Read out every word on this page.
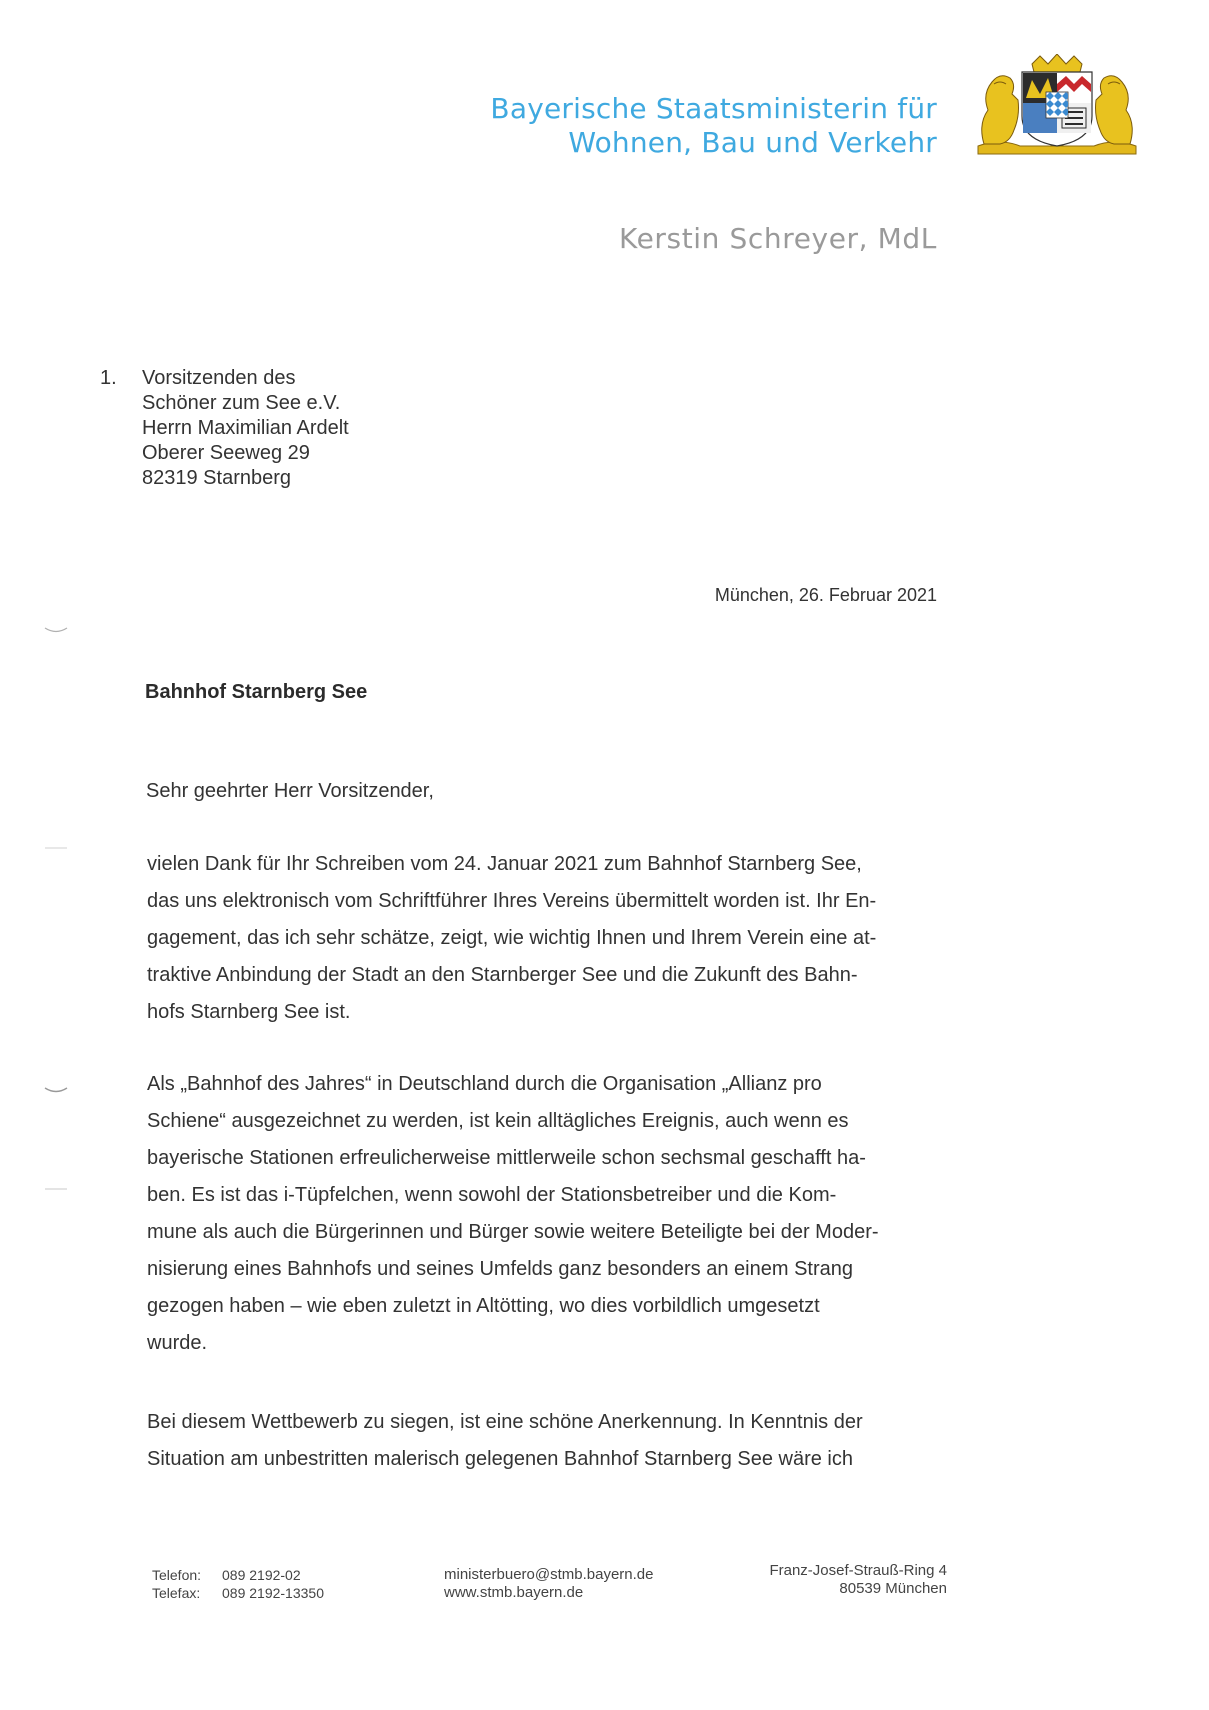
Bayerische Staatsministerin für
Wohnen, Bau und Verkehr
Kerstin Schreyer, MdL
1. Vorsitzenden des
Schöner zum See e.V.
Herrn Maximilian Ardelt
Oberer Seeweg 29
82319 Starnberg
München, 26. Februar 2021
Bahnhof Starnberg See
Sehr geehrter Herr Vorsitzender,
vielen Dank für Ihr Schreiben vom 24. Januar 2021 zum Bahnhof Starnberg See,
das uns elektronisch vom Schriftführer Ihres Vereins übermittelt worden ist. Ihr En-
gagement, das ich sehr schätze, zeigt, wie wichtig Ihnen und Ihrem Verein eine at-
traktive Anbindung der Stadt an den Starnberger See und die Zukunft des Bahn-
hofs Starnberg See ist.
Als „Bahnhof des Jahres“ in Deutschland durch die Organisation „Allianz pro
Schiene“ ausgezeichnet zu werden, ist kein alltägliches Ereignis, auch wenn es
bayerische Stationen erfreulicherweise mittlerweile schon sechsmal geschafft ha-
ben. Es ist das i-Tüpfelchen, wenn sowohl der Stationsbetreiber und die Kom-
mune als auch die Bürgerinnen und Bürger sowie weitere Beteiligte bei der Moder-
nisierung eines Bahnhofs und seines Umfelds ganz besonders an einem Strang
gezogen haben – wie eben zuletzt in Altötting, wo dies vorbildlich umgesetzt
wurde.
Bei diesem Wettbewerb zu siegen, ist eine schöne Anerkennung. In Kenntnis der
Situation am unbestritten malerisch gelegenen Bahnhof Starnberg See wäre ich
Telefon: 089 2192-02
Telefax: 089 2192-13350
ministerbuero@stmb.bayern.de
www.stmb.bayern.de
Franz-Josef-Strauß-Ring 4
80539 München
